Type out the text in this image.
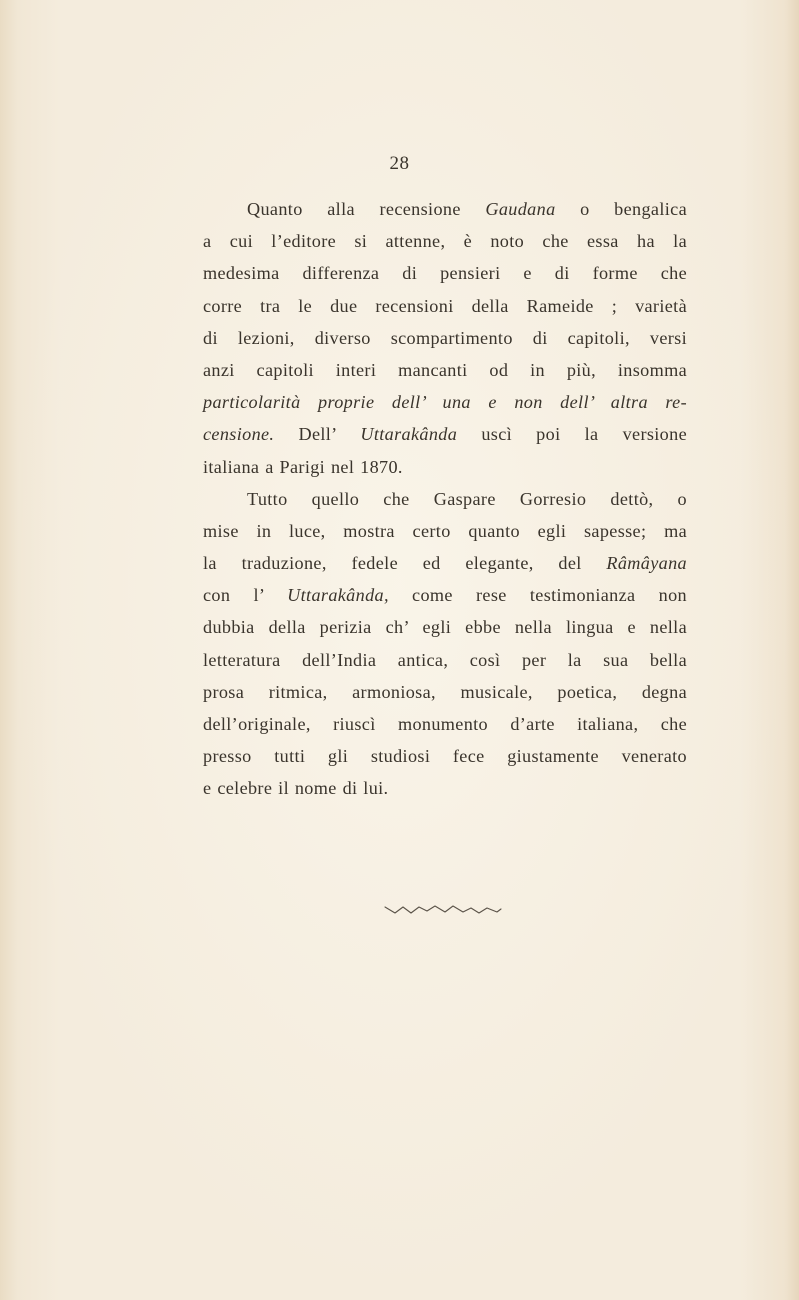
28
Quanto alla recensione Gaudana o bengalica
a cui l’editore si attenne, è noto che essa ha la
medesima differenza di pensieri e di forme che
corre tra le due recensioni della Rameide ; varietà
di lezioni, diverso scompartimento di capitoli, versi
anzi capitoli interi mancanti od in più, insomma
particolarità proprie dell’ una e non dell’ altra re-
censione. Dell’ Uttarakânda uscì poi la versione
italiana a Parigi nel 1870.
Tutto quello che Gaspare Gorresio dettò, o
mise in luce, mostra certo quanto egli sapesse; ma
la traduzione, fedele ed elegante, del Râmâyana
con l’ Uttarakânda, come rese testimonianza non
dubbia della perizia ch’ egli ebbe nella lingua e nella
letteratura dell’India antica, così per la sua bella
prosa ritmica, armoniosa, musicale, poetica, degna
dell’originale, riuscì monumento d’arte italiana, che
presso tutti gli studiosi fece giustamente venerato
e celebre il nome di lui.
